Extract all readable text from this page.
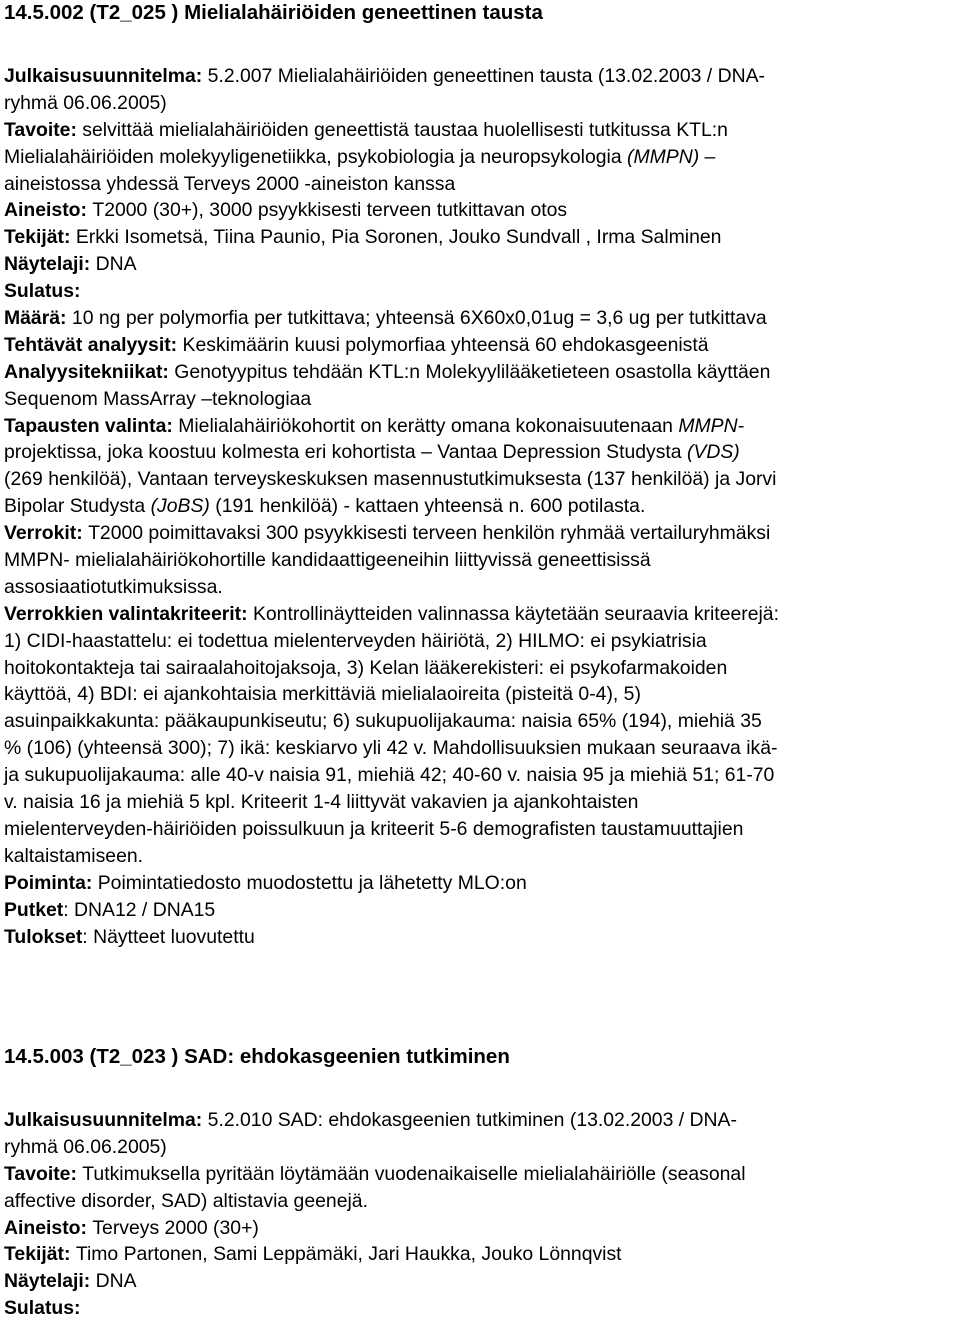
14.5.002 (T2_025 ) Mielialahäiriöiden geneettinen tausta
Julkaisusuunnitelma: 5.2.007 Mielialahäiriöiden geneettinen tausta (13.02.2003 / DNA-
ryhmä 06.06.2005)
Tavoite: selvittää mielialahäiriöiden geneettistä taustaa huolellisesti tutkitussa KTL:n
Mielialahäiriöiden molekyyligenetiikka, psykobiologia ja neuropsykologia (MMPN) –
aineistossa yhdessä Terveys 2000 -aineiston kanssa
Aineisto: T2000 (30+), 3000 psyykkisesti terveen tutkittavan otos
Tekijät: Erkki Isometsä, Tiina Paunio, Pia Soronen, Jouko Sundvall , Irma Salminen
Näytelaji: DNA
Sulatus:
Määrä: 10 ng per polymorfia per tutkittava; yhteensä 6X60x0,01ug = 3,6 ug per tutkittava
Tehtävät analyysit: Keskimäärin kuusi polymorfiaa yhteensä 60 ehdokasgeenistä
Analyysitekniikat: Genotyypitus tehdään KTL:n Molekyylilääketieteen osastolla käyttäen
Sequenom MassArray –teknologiaa
Tapausten valinta: Mielialahäiriökohortit on kerätty omana kokonaisuutenaan MMPN-
projektissa, joka koostuu kolmesta eri kohortista – Vantaa Depression Studysta (VDS)
(269 henkilöä), Vantaan terveyskeskuksen masennustutkimuksesta (137 henkilöä) ja Jorvi
Bipolar Studysta (JoBS) (191 henkilöä) - kattaen yhteensä n. 600 potilasta.
Verrokit: T2000 poimittavaksi 300 psyykkisesti terveen henkilön ryhmää vertailuryhmäksi
MMPN- mielialahäiriökohortille kandidaattigeeneihin liittyvissä geneettisissä
assosiaatiotutkimuksissa.
Verrokkien valintakriteerit: Kontrollinäytteiden valinnassa käytetään seuraavia kriteerejä:
1) CIDI-haastattelu: ei todettua mielenterveyden häiriötä, 2) HILMO: ei psykiatrisia
hoitokontakteja tai sairaalahoitojaksoja, 3) Kelan lääkerekisteri: ei psykofarmakoiden
käyttöä, 4) BDI: ei ajankohtaisia merkittäviä mielialaoireita (pisteitä 0-4), 5)
asuinpaikkakunta: pääkaupunkiseutu; 6) sukupuolijakauma: naisia 65% (194), miehiä 35
% (106) (yhteensä 300); 7) ikä: keskiarvo yli 42 v. Mahdollisuuksien mukaan seuraava ikä-
ja sukupuolijakauma: alle 40-v naisia 91, miehiä 42; 40-60 v. naisia 95 ja miehiä 51; 61-70
v. naisia 16 ja miehiä 5 kpl. Kriteerit 1-4 liittyvät vakavien ja ajankohtaisten
mielenterveyden-häiriöiden poissulkuun ja kriteerit 5-6 demografisten taustamuuttajien
kaltaistamiseen.
Poiminta: Poimintatiedosto muodostettu ja lähetetty MLO:on
Putket: DNA12 / DNA15
Tulokset: Näytteet luovutettu
14.5.003 (T2_023 ) SAD: ehdokasgeenien tutkiminen
Julkaisusuunnitelma: 5.2.010 SAD: ehdokasgeenien tutkiminen (13.02.2003 / DNA-
ryhmä 06.06.2005)
Tavoite: Tutkimuksella pyritään löytämään vuodenaikaiselle mielialahäiriölle (seasonal
affective disorder, SAD) altistavia geenejä.
Aineisto: Terveys 2000 (30+)
Tekijät: Timo Partonen, Sami Leppämäki, Jari Haukka, Jouko Lönnqvist
Näytelaji: DNA
Sulatus:
